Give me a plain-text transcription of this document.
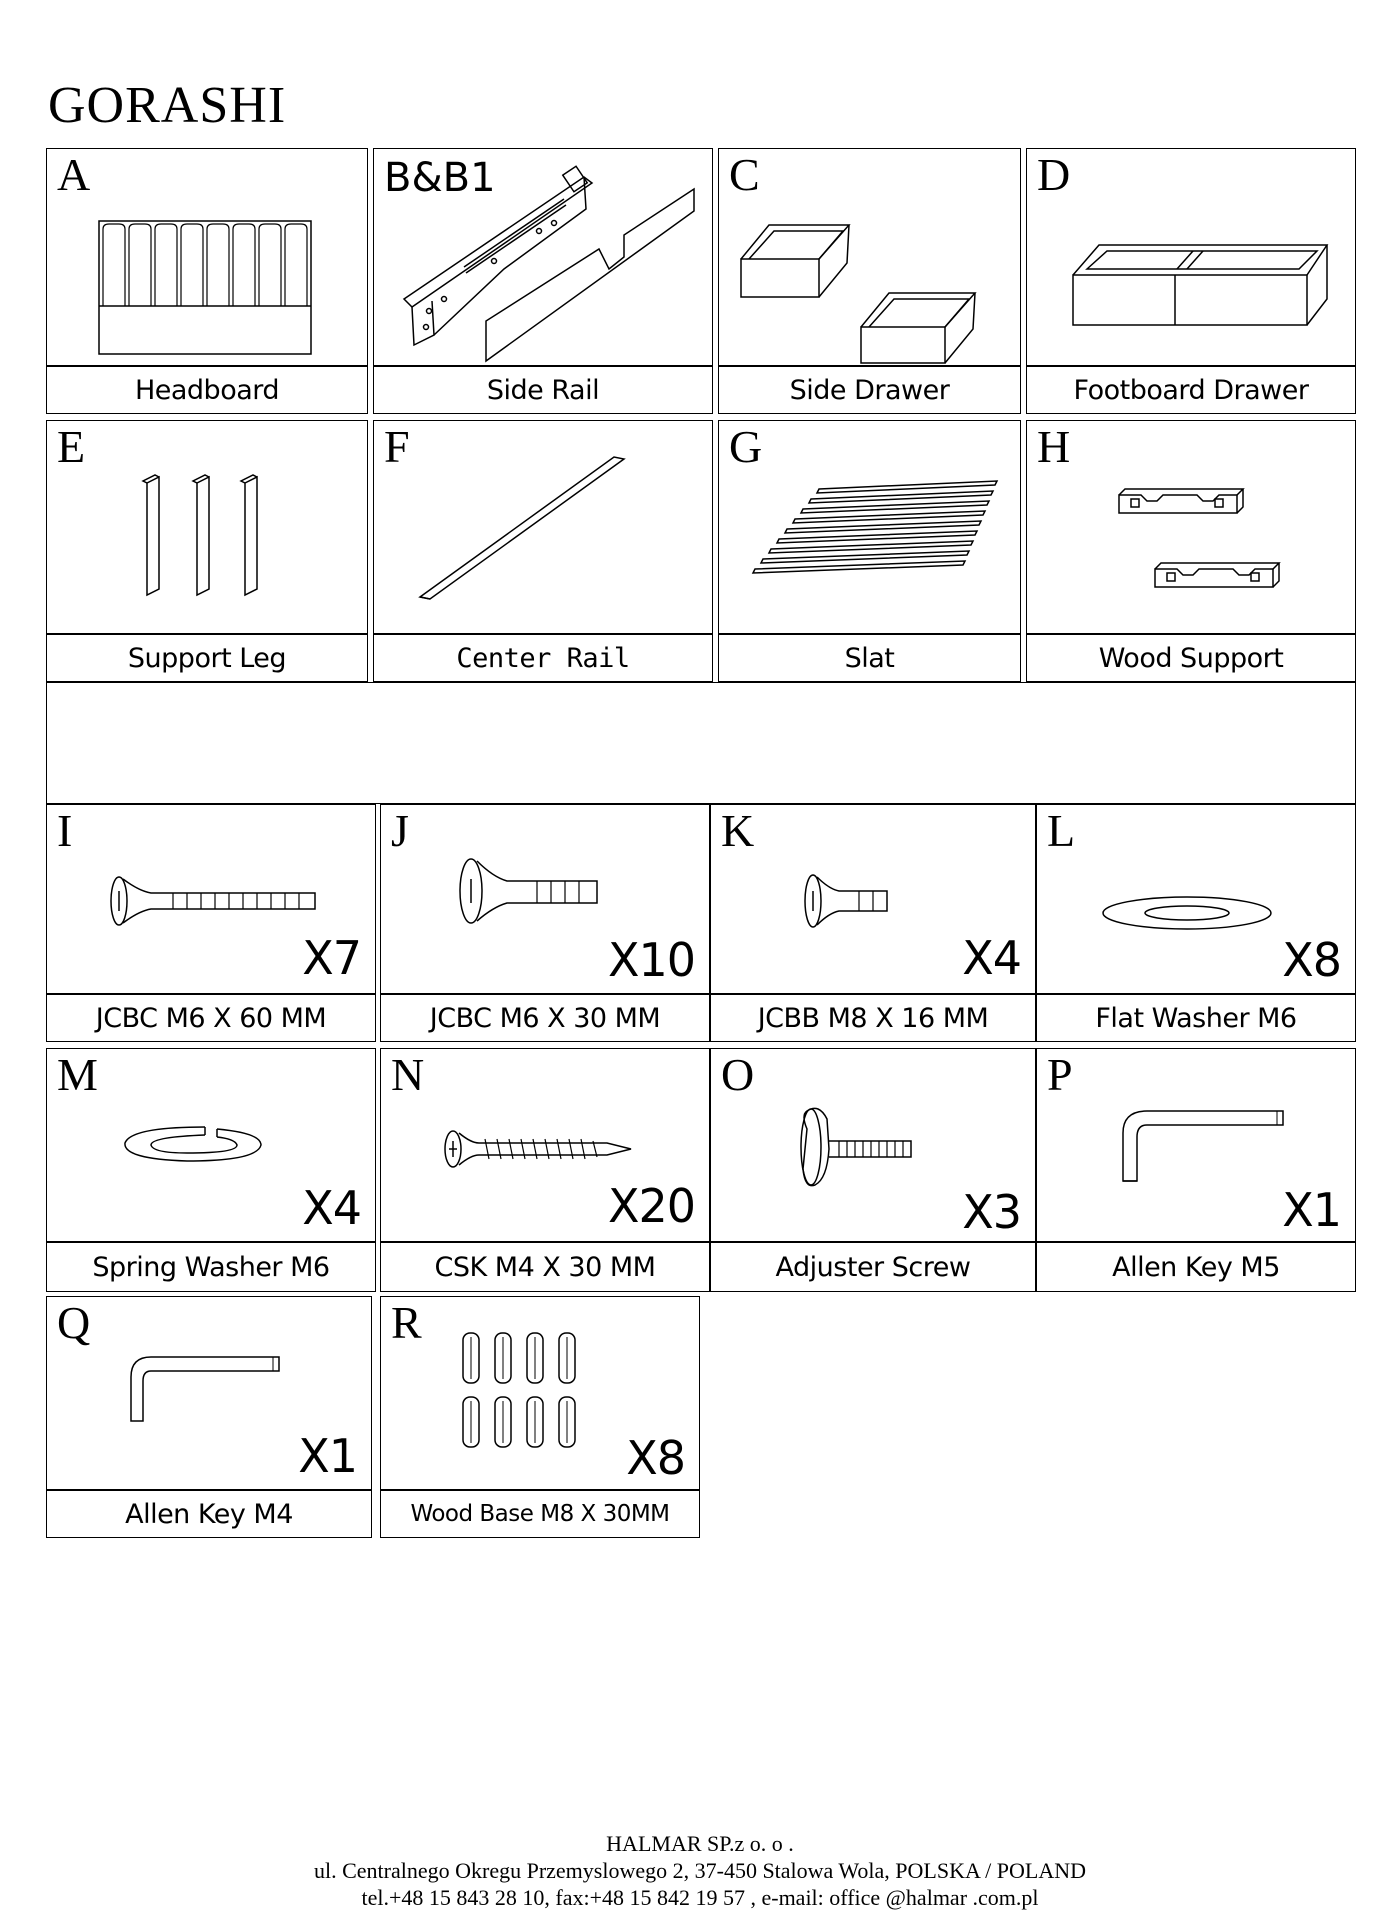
GORASHI
A
Headboard
B&B1
Side Rail
C
Side Drawer
D
Footboard Drawer
E
Support Leg
F
Center Rail
G
Slat
H
Wood Support
I
X7
JCBC M6 X 60 MM
J
X10
JCBC M6 X 30 MM
K
X4
JCBB M8 X 16 MM
L
X8
Flat Washer M6
M
X4
Spring Washer M6
N
X20
CSK M4 X 30 MM
O
X3
Adjuster Screw
P
X1
Allen Key M5
Q
X1
Allen Key M4
R
X8
Wood Base M8 X 30MM
HALMAR SP.z o. o .
ul. Centralnego Okregu Przemyslowego 2, 37-450 Stalowa Wola, POLSKA / POLAND
tel.+48 15 843 28 10, fax:+48 15 842 19 57 , e-mail: office @halmar .com.pl
